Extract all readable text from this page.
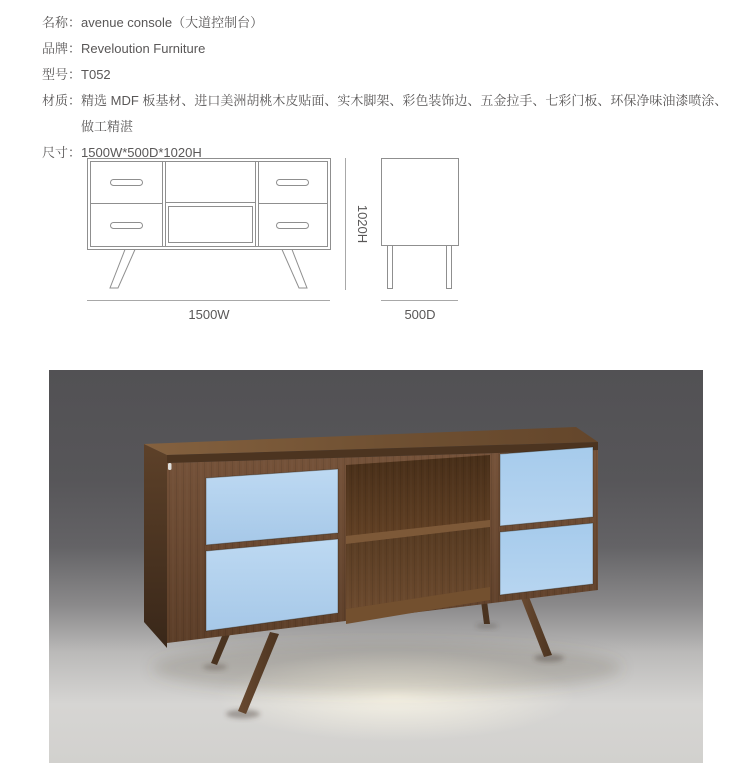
名称： avenue console（大道控制台）
品牌： Reveloution Furniture
型号： T052
材质： 精选 MDF 板基材、进口美洲胡桃木皮贴面、实木脚架、彩色装饰边、五金拉手、七彩门板、环保净味油漆喷涂、
做工精湛
尺寸： 1500W*500D*1020H
1500W	500D
1020H
